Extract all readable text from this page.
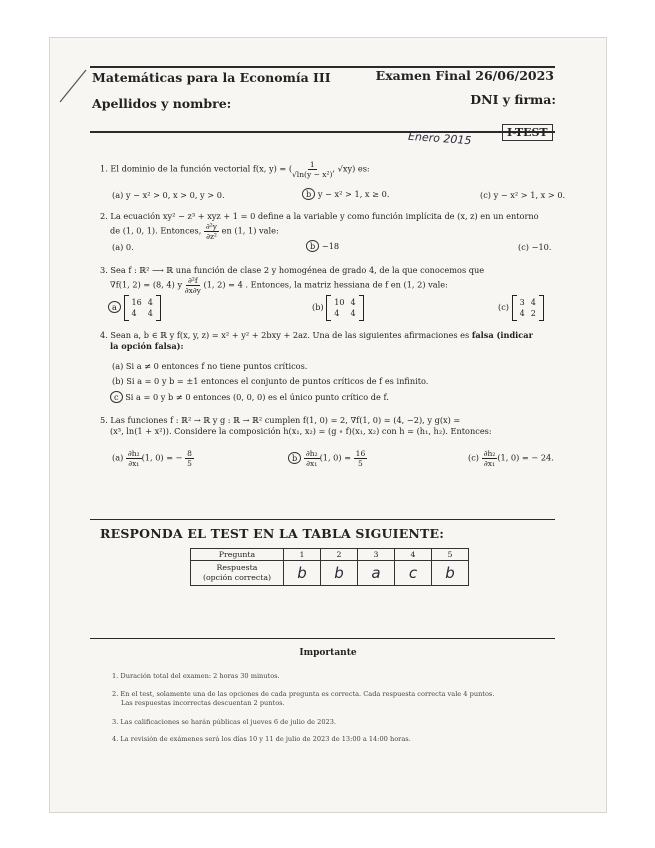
Matemáticas para la Economía III	Examen Final 26/06/2023
Apellidos y nombre:	DNI y firma:
Enero 2015	I-TEST
1. El dominio de la función vectorial f(x, y) = ( $\frac{1}{\text{√ln(y − x²)}}$ , √xy) es:
(a) y − x² > 0, x > 0, y > 0.	b y − x² > 1, x ≥ 0.	(c) y − x² > 1, x > 0.
2. La ecuación xy² − z³ + xyz + 1 = 0 define a la variable y como función implícita de (x, z) en un entorno
de (1, 0, 1). Entonces, $\frac{\text{∂²y}}{\text{∂z²}}$ en (1, 1) vale:
(a) 0.	b −18	(c) −10.
3. Sea f : ℝ² ⟶ ℝ una función de clase 2 y homogénea de grado 4, de la que conocemos que
∇f(1, 2) = (8, 4) y $\frac{\text{∂²f}}{\partial x\partial y} (1$, 2) = 4 . Entonces, la matriz hessiana de f en (1, 2) vale:
a 16 4
4	4
(b) 10 4
4	4
(c) 3 4
4 2
4. Sean a, b ∈ ℝ y f(x, y, z) = x² + y² + 2bxy + 2az. Una de las siguientes afirmaciones es falsa (indicar
la opción falsa):
(a) Si a ≠ 0 entonces f no tiene puntos críticos.
(b) Si a = 0 y b = ±1 entonces el conjunto de puntos críticos de f es infinito.
c Si a = 0 y b ≠ 0 entonces (0, 0, 0) es el único punto crítico de f.
5. Las funciones f : ℝ² → ℝ y g : ℝ → ℝ² cumplen f(1, 0) = 2, ∇f(1, 0) = (4, −2), y g(x) =
(x³, ln(1 + x²)). Considere la composición h(x₁, x₂) = (g ∘ f)(x₁, x₂) con h = (h₁, h₂). Entonces:
$(a) \frac{\text{∂h₂}}{\text{∂x₁}} (1$, 0) = − $\frac{8}{5}$	b $\frac{\text{∂h₂}}{\text{∂x₁}} (1$, $0) = \frac{16}{5}$	$(c) \frac{\text{∂h₂}}{\text{∂x₁}} (1$, 0) = − 24.
RESPONDA EL TEST EN LA TABLA SIGUIENTE:
Pregunta	1	2	3	4	5

Respuesta
(opción correcta)	b	b	a	c	b
Importante
1. Duración total del examen: 2 horas 30 minutos.
2. En el test, solamente una de las opciones de cada pregunta es correcta. Cada respuesta correcta vale 4 puntos.
Las respuestas incorrectas descuentan 2 puntos.
3. Las calificaciones se harán públicas el jueves 6 de julio de 2023.
4. La revisión de exámenes será los días 10 y 11 de julio de 2023 de 13:00 a 14:00 horas.
